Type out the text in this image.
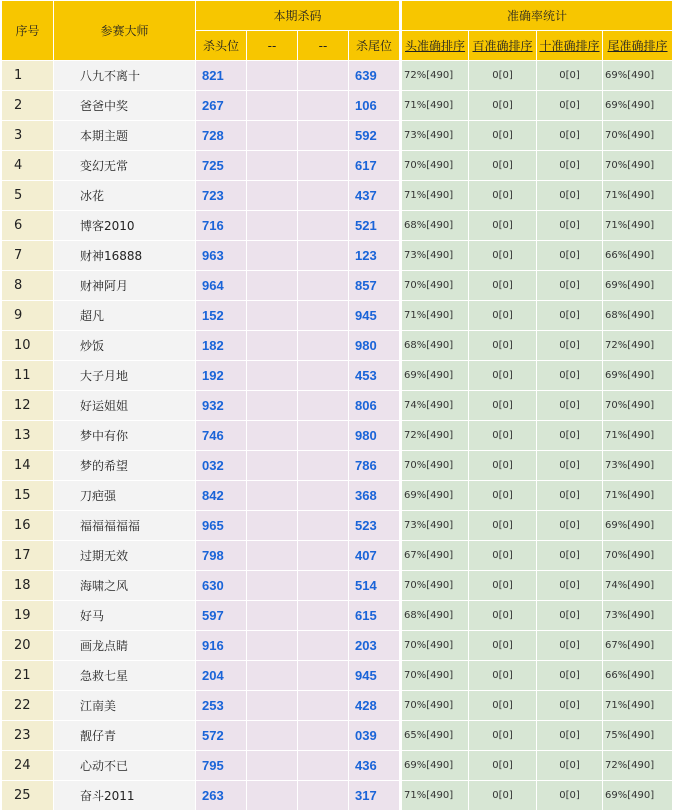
序号	参赛大师	本期杀码				准确率统计			
		杀头位	--	--	杀尾位	头准确排序	百准确排序	十准确排序	尾准确排序
1	八九不离十	821			639	72%[490]	0[0]	0[0]	69%[490]
2	爸爸中奖	267			106	71%[490]	0[0]	0[0]	69%[490]
3	本期主题	728			592	73%[490]	0[0]	0[0]	70%[490]
4	变幻无常	725			617	70%[490]	0[0]	0[0]	70%[490]
5	冰花	723			437	71%[490]	0[0]	0[0]	71%[490]
6	博客2010	716			521	68%[490]	0[0]	0[0]	71%[490]
7	财神16888	963			123	73%[490]	0[0]	0[0]	66%[490]
8	财神阿月	964			857	70%[490]	0[0]	0[0]	69%[490]
9	超凡	152			945	71%[490]	0[0]	0[0]	68%[490]
10	炒饭	182			980	68%[490]	0[0]	0[0]	72%[490]
11	大子月地	192			453	69%[490]	0[0]	0[0]	69%[490]
12	好运姐姐	932			806	74%[490]	0[0]	0[0]	70%[490]
13	梦中有你	746			980	72%[490]	0[0]	0[0]	71%[490]
14	梦的希望	032			786	70%[490]	0[0]	0[0]	73%[490]
15	刀疤强	842			368	69%[490]	0[0]	0[0]	71%[490]
16	福福福福福	965			523	73%[490]	0[0]	0[0]	69%[490]
17	过期无效	798			407	67%[490]	0[0]	0[0]	70%[490]
18	海啸之风	630			514	70%[490]	0[0]	0[0]	74%[490]
19	好马	597			615	68%[490]	0[0]	0[0]	73%[490]
20	画龙点睛	916			203	70%[490]	0[0]	0[0]	67%[490]
21	急救七星	204			945	70%[490]	0[0]	0[0]	66%[490]
22	江南美	253			428	70%[490]	0[0]	0[0]	71%[490]
23	靓仔青	572			039	65%[490]	0[0]	0[0]	75%[490]
24	心动不已	795			436	69%[490]	0[0]	0[0]	72%[490]
25	奋斗2011	263			317	71%[490]	0[0]	0[0]	69%[490]
